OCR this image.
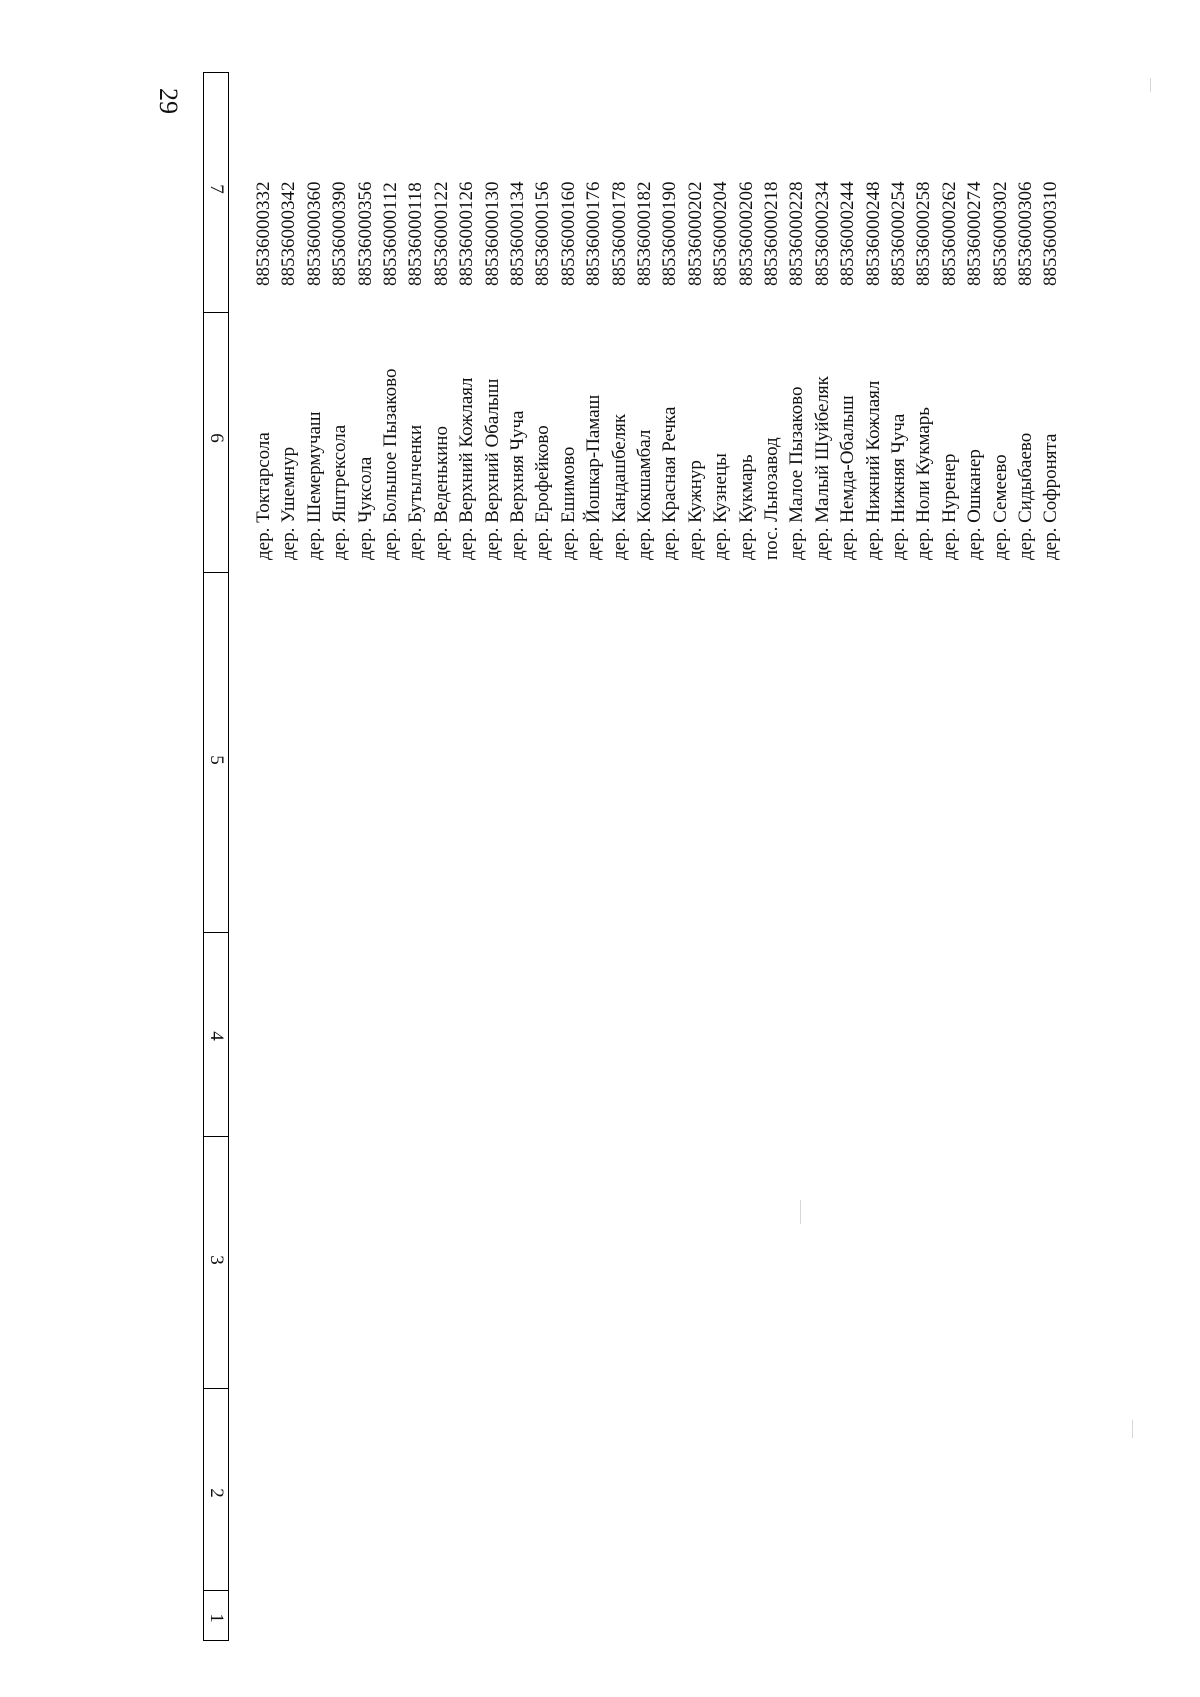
29
7
6
5
4
3
2
1
дер. Токтарсола
88536000332
дер. Ушемнур
88536000342
дер. Шемермучаш
88536000360
дер. Яштрексола
88536000390
дер. Чуксола
88536000356
дер. Большое Пызаково
88536000112
дер. Бутылченки
88536000118
дер. Веденькино
88536000122
дер. Верхний Кожлаял
88536000126
дер. Верхний Обалыш
88536000130
дер. Верхняя Чуча
88536000134
дер. Ерофейково
88536000156
дер. Ешимово
88536000160
дер. Йошкар-Памаш
88536000176
дер. Кандашбеляк
88536000178
дер. Кокшамбал
88536000182
дер. Красная Речка
88536000190
дер. Кужнур
88536000202
дер. Кузнецы
88536000204
дер. Кукмарь
88536000206
пос. Льнозавод
88536000218
дер. Малое Пызаково
88536000228
дер. Малый Шуйбеляк
88536000234
дер. Немда-Обалыш
88536000244
дер. Нижний Кожлаял
88536000248
дер. Нижняя Чуча
88536000254
дер. Ноли Кукмарь
88536000258
дер. Нуренер
88536000262
дер. Ошканер
88536000274
дер. Семеево
88536000302
дер. Сидыбаево
88536000306
дер. Софронята
88536000310
